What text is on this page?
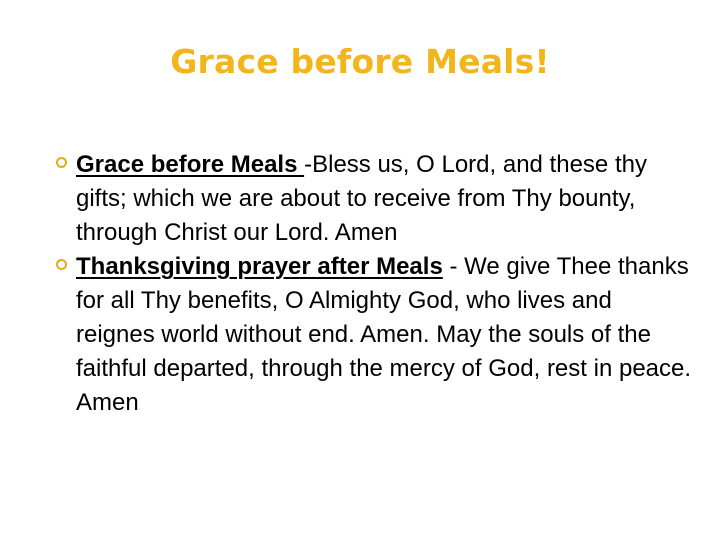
Grace before Meals!
Grace before Meals -Bless us, O Lord, and these thy gifts; which we are about to receive from Thy bounty, through Christ our Lord. Amen
Thanksgiving prayer after Meals - We give Thee thanks for all Thy benefits, O Almighty God, who lives and reignes world without end. Amen. May the souls of the faithful departed, through the mercy of God, rest in peace. Amen
